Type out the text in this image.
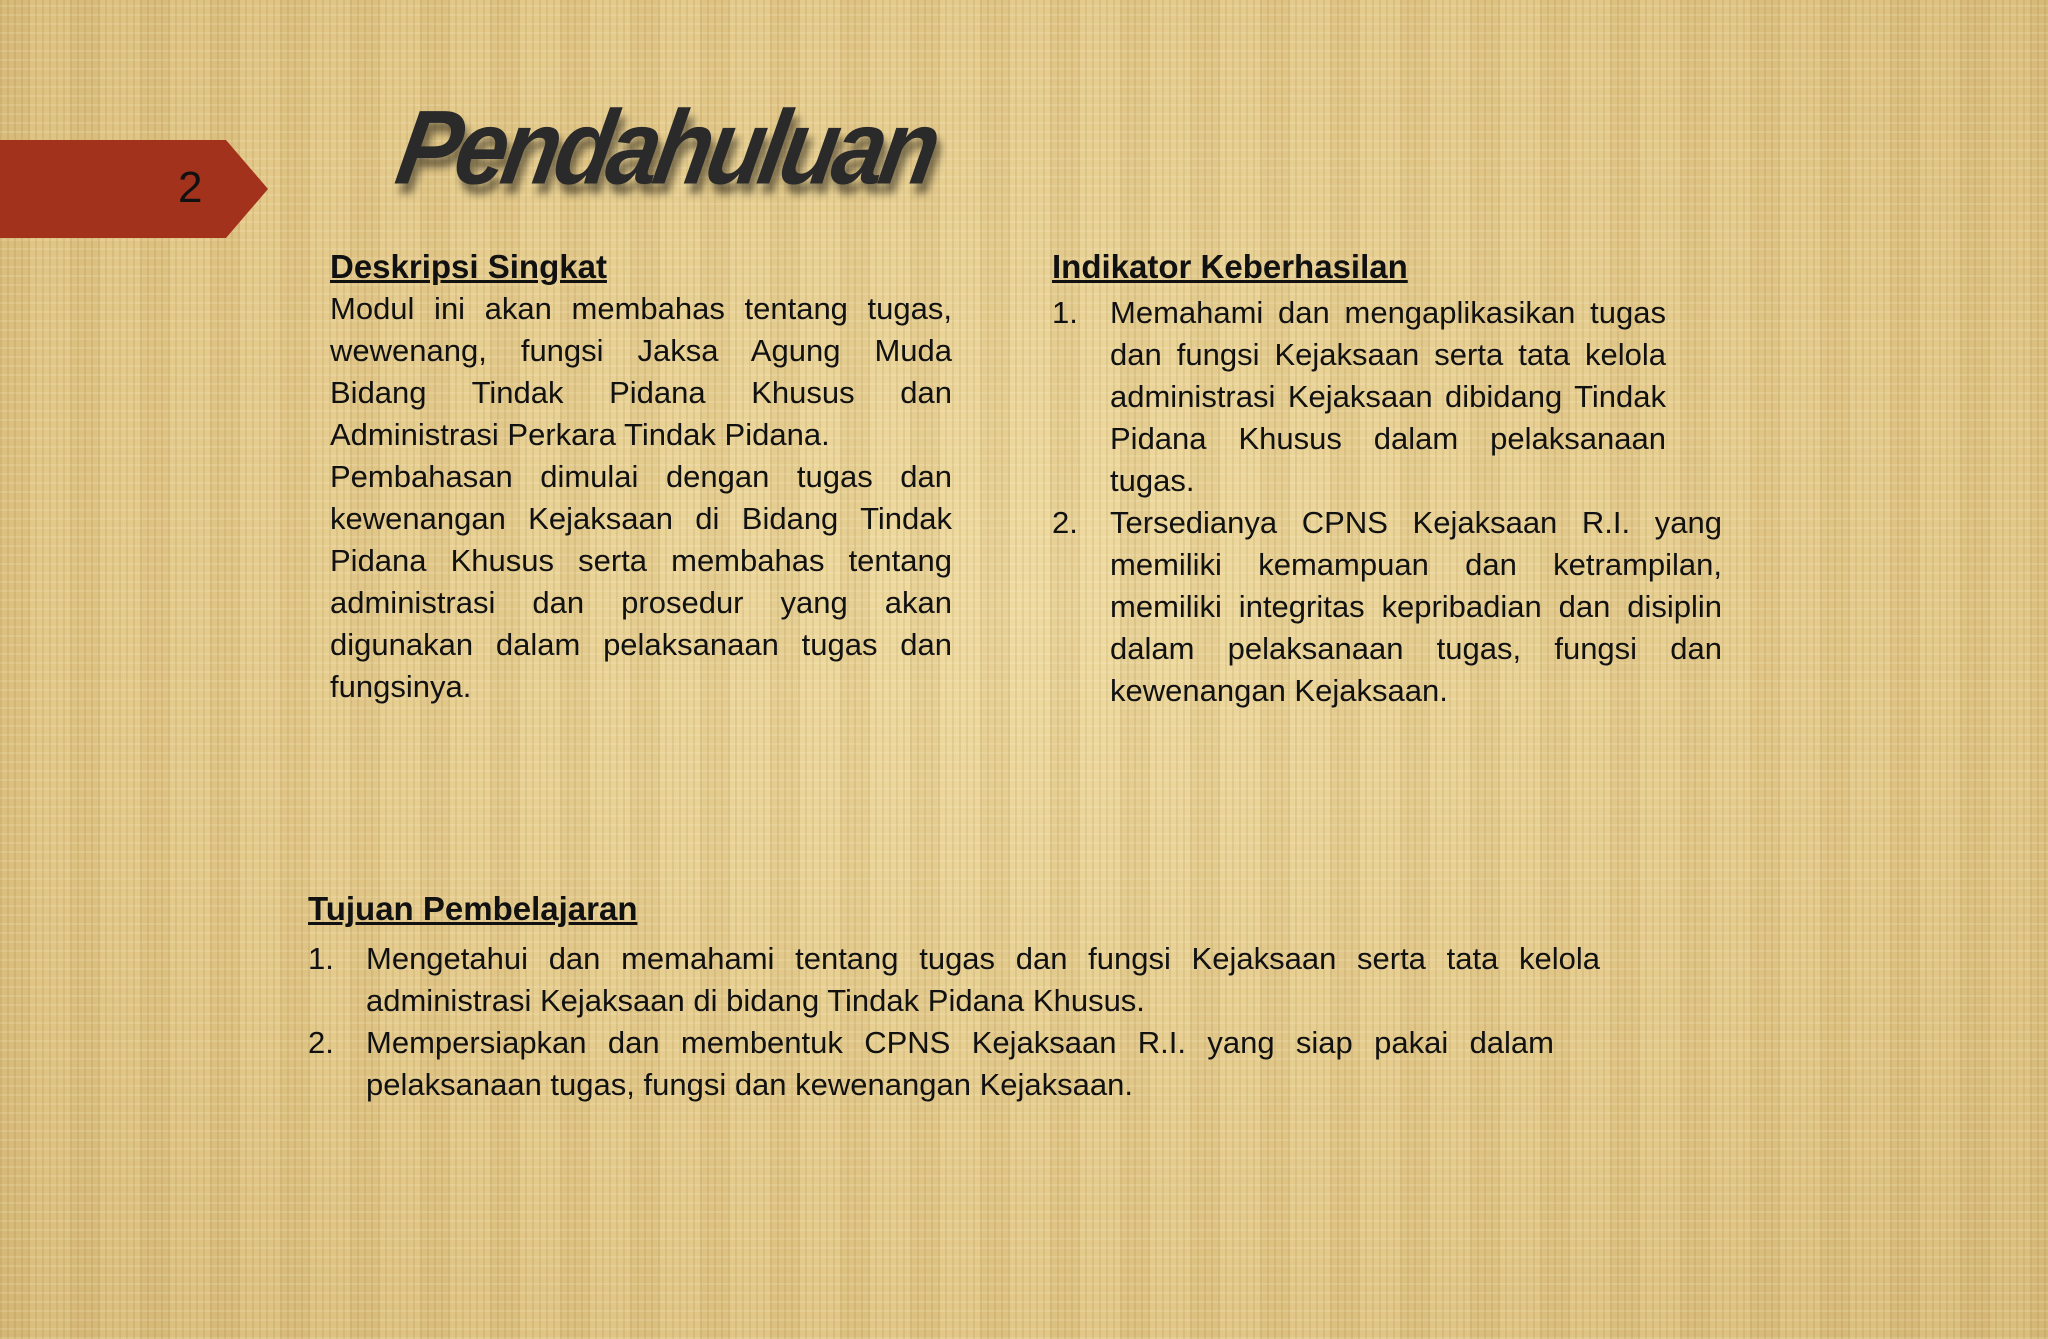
2 Pendahuluan
Deskripsi Singkat

Modul ini akan membahas tentang tugas, wewenang, fungsi Jaksa Agung Muda Bidang Tindak Pidana Khusus dan Administrasi Perkara Tindak Pidana.

Pembahasan dimulai dengan tugas dan kewenangan Kejaksaan di Bidang Tindak Pidana Khusus serta membahas tentang administrasi dan prosedur yang akan digunakan dalam pelaksanaan tugas dan fungsinya.

Indikator Keberhasilan
1.	Memahami dan mengaplikasikan tugas dan fungsi Kejaksaan serta tata kelola administrasi Kejaksaan dibidang Tindak Pidana Khusus dalam pelaksanaan tugas.
2.	Tersedianya CPNS Kejaksaan R.I. yang memiliki kemampuan dan ketrampilan, memiliki integritas kepribadian dan disiplin dalam pelaksanaan tugas, fungsi dan kewenangan Kejaksaan.
Tujuan Pembelajaran
1.	Mengetahui dan memahami tentang tugas dan fungsi Kejaksaan serta tata kelola administrasi Kejaksaan di bidang Tindak Pidana Khusus.
2.	Mempersiapkan dan membentuk CPNS Kejaksaan R.I. yang siap pakai dalam pelaksanaan tugas, fungsi dan kewenangan Kejaksaan.
